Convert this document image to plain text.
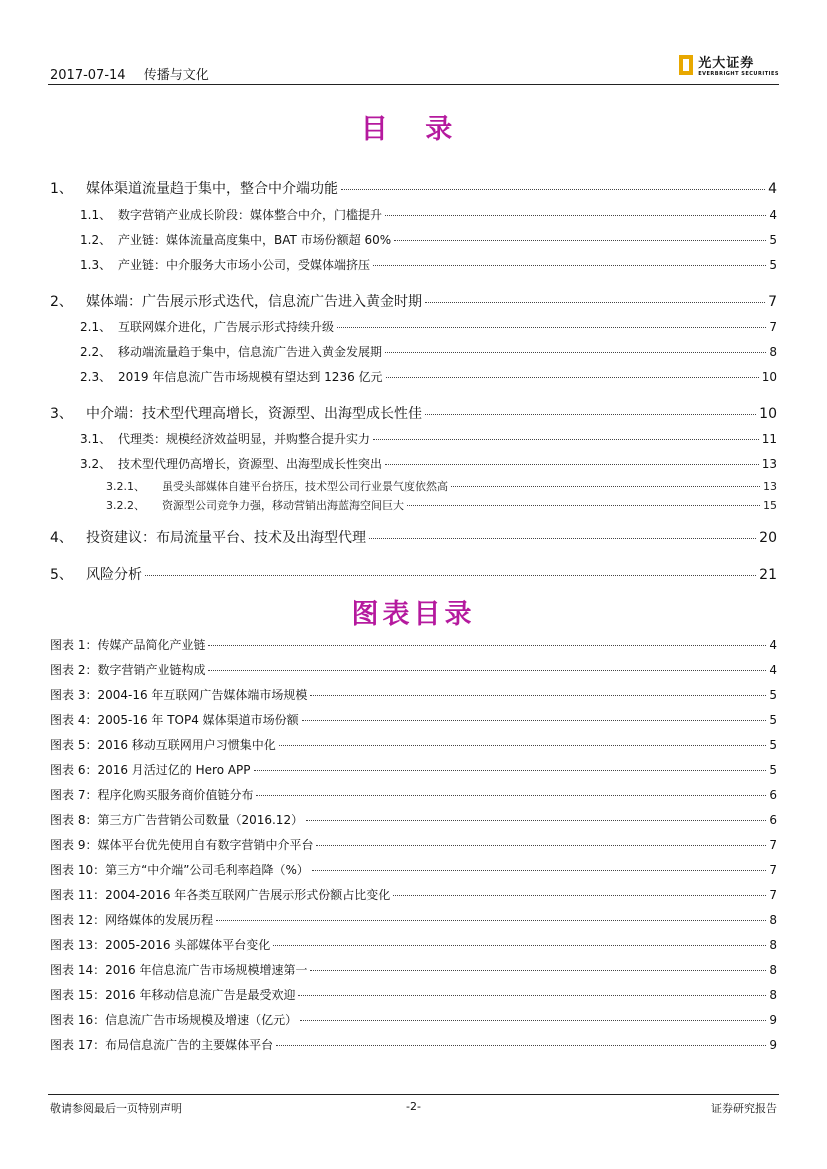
2017-07-14 传播与文化
光大证券
EVERBRIGHT SECURITIES
目 录
1、 媒体渠道流量趋于集中，整合中介端功能	4
1.1、 数字营销产业成长阶段：媒体整合中介，门槛提升	4
1.2、 产业链：媒体流量高度集中，BAT 市场份额超 60%	5
1.3、 产业链：中介服务大市场小公司，受媒体端挤压	5
2、 媒体端：广告展示形式迭代，信息流广告进入黄金时期	7
2.1、 互联网媒介进化，广告展示形式持续升级	7
2.2、 移动端流量趋于集中，信息流广告进入黄金发展期	8
2.3、 2019 年信息流广告市场规模有望达到 1236 亿元	10
3、 中介端：技术型代理高增长，资源型、出海型成长性佳	10
3.1、 代理类：规模经济效益明显，并购整合提升实力	11
3.2、 技术型代理仍高增长，资源型、出海型成长性突出	13
3.2.1、	虽受头部媒体自建平台挤压，技术型公司行业景气度依然高	13
3.2.2、	资源型公司竞争力强，移动营销出海蓝海空间巨大	15
4、 投资建议：布局流量平台、技术及出海型代理	20
5、 风险分析	21
图表目录
图表 1：传媒产品简化产业链	4
图表 2：数字营销产业链构成	4
图表 3：2004-16 年互联网广告媒体端市场规模	5
图表 4：2005-16 年 TOP4 媒体渠道市场份额	5
图表 5：2016 移动互联网用户习惯集中化	5
图表 6：2016 月活过亿的 Hero APP	5
图表 7：程序化购买服务商价值链分布	6
图表 8：第三方广告营销公司数量（2016.12）	6
图表 9：媒体平台优先使用自有数字营销中介平台	7
图表 10：第三方“中介端”公司毛利率趋降（%）	7
图表 11：2004-2016 年各类互联网广告展示形式份额占比变化	7
图表 12：网络媒体的发展历程	8
图表 13：2005-2016 头部媒体平台变化	8
图表 14：2016 年信息流广告市场规模增速第一	8
图表 15：2016 年移动信息流广告是最受欢迎	8
图表 16：信息流广告市场规模及增速（亿元）	9
图表 17：布局信息流广告的主要媒体平台	9
敬请参阅最后一页特别声明	-2-	证券研究报告
